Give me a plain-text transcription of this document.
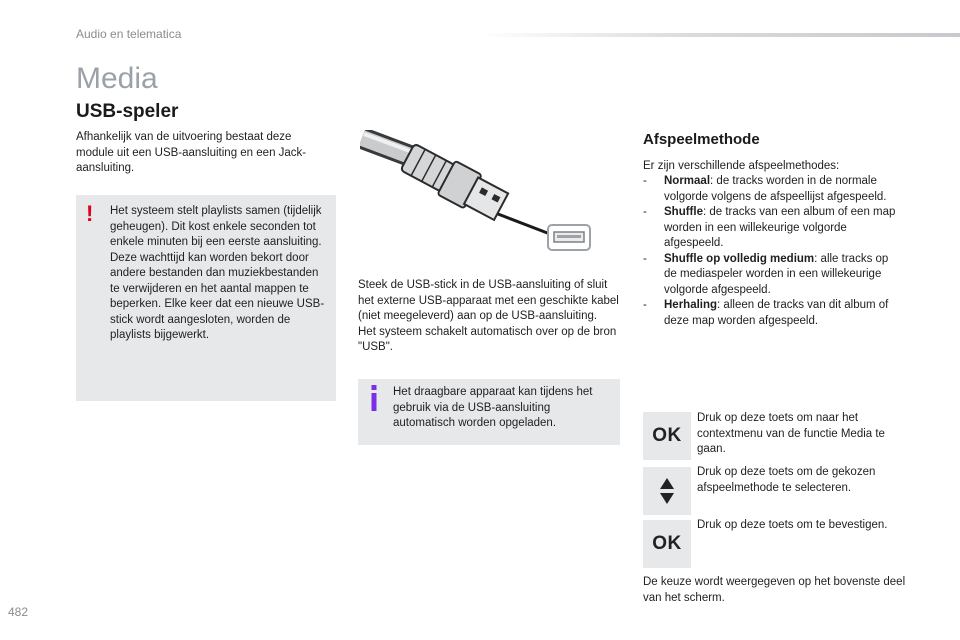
Audio en telematica
Media
USB-speler

Afhankelijk van de uitvoering bestaat deze module uit een USB-aansluiting en een Jack-aansluiting.

! Het systeem stelt playlists samen (tijdelijk geheugen). Dit kost enkele seconden tot enkele minuten bij een eerste aansluiting.

Deze wachttijd kan worden bekort door andere bestanden dan muziekbestanden te verwijderen en het aantal mappen te beperken. Elke keer dat een nieuwe USB-stick wordt aangesloten, worden de playlists bijgewerkt.

Steek de USB-stick in de USB-aansluiting of sluit het externe USB-apparaat met een geschikte kabel (niet meegeleverd) aan op de USB-aansluiting.

Het systeem schakelt automatisch over op de bron "USB".

Het draagbare apparaat kan tijdens het gebruik via de USB-aansluiting automatisch worden opgeladen.

Afspeelmethode

Er zijn verschillende afspeelmethodes:

- Normaal: de tracks worden in de normale volgorde volgens de afspeellijst afgespeeld.
- Shuffle: de tracks van een album of een map worden in een willekeurige volgorde afgespeeld.
- Shuffle op volledig medium: alle tracks op de mediaspeler worden in een willekeurige volgorde afgespeeld.
- Herhaling: alleen de tracks van dit album of deze map worden afgespeeld.
OK

Druk op deze toets om naar het contextmenu van de functie Media te gaan.

Druk op deze toets om de gekozen afspeelmethode te selecteren.

OK

Druk op deze toets om te bevestigen.

De keuze wordt weergegeven op het bovenste deel van het scherm.

482
